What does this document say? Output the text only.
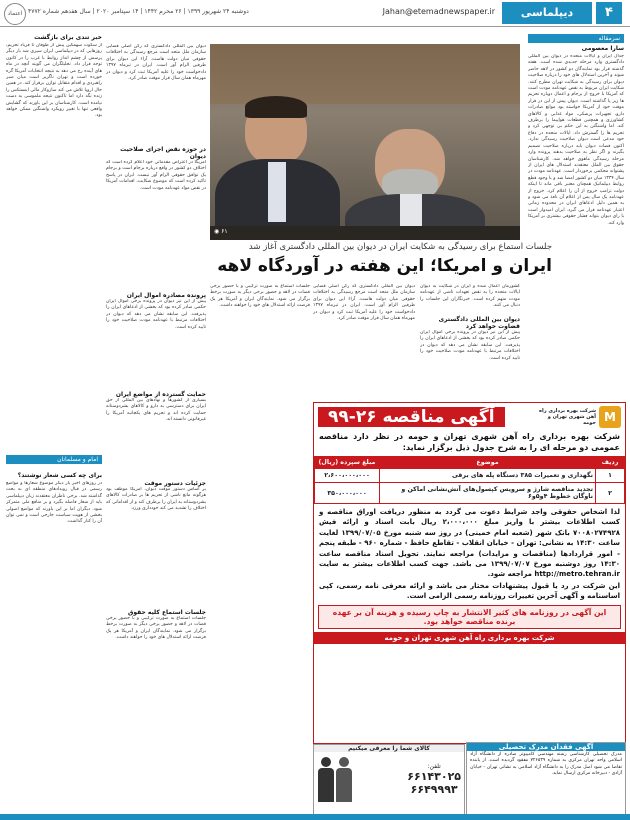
۴
دیپلماسی
Jahan@etemadnewspaper.ir
دوشنبه ۲۴ شهریور ۱۳۹۹ | ۲۶ محرم ۱۴۴۲ | ۱۴ سپتامبر ۲۰۲۰ | سال هفدهم شماره ۴۷۷۲
اعتماد
سرمقاله
سارا معصومی
جدال ایران و ایالات متحده در دیوان بین المللی دادگستری وارد مرحله جدیدی شده است. هفته گذشته قرار بود نمایندگان دو کشور در لاهه حاضر شوند و آخرین استدلال های خود را درباره صلاحیت دیوان برای رسیدگی به شکایت تهران مطرح کنند. شکایت ایران مربوط به نقض عهدنامه مودت است که آمریکا با خروج از برجام و اعمال دوباره تحریم ها زیر پا گذاشته است. دیوان پیش از این در قرار موقت خود از آمریکا خواسته بود موانع صادرات دارو، تجهیزات پزشکی، مواد غذایی و کالاهای کشاورزی و همچنین قطعات هواپیما را برطرف کند. اما واشنگتن به این حکم بی توجهی کرد و تحریم ها را گسترش داد. ایالات متحده در دفاع خود مدعی است دیوان صلاحیت رسیدگی ندارد. اکنون قضات دیوان باید درباره صلاحیت تصمیم بگیرند و اگر نظر به صلاحیت بدهند پرونده وارد مرحله رسیدگی ماهوی خواهد شد. کارشناسان حقوق بین الملل معتقدند استدلال های ایران از پشتوانه محکمی برخوردار است. عهدنامه مودت در سال ۱۳۳۴ میان دو کشور امضا شد و با وجود قطع روابط دیپلماتیک همچنان معتبر باقی ماند تا اینکه دولت ترامپ خروج از آن را اعلام کرد. خروج از عهدنامه یک سال پس از اعلام آن نافذ می شود و به همین دلیل ادعاهای ایران در محدوده زمانی اعتبار عهدنامه قرار می گیرد. ایران امیدوار است با رای دیوان بتواند فشار حقوقی بیشتری بر آمریکا وارد کند.
◉ ۶۱
جلسات استماع برای رسیدگی به شکایت ایران در دیوان بین المللی دادگستری آغاز شد
ایران و امریکا؛ این هفته در آوردگاه لاهه
خبر تندی برای بازگشت
از سکوت سهمگین پیش از طوفان تا فریاد تحریم، روزهایی که در دیپلماسی ایران سپری شد بار دیگر پرسش از چشم انداز روابط با غرب را در کانون توجه قرار داد. تحلیلگران می گویند آنچه در ماه های آینده رخ می دهد به نتیجه انتخابات آمریکا گره خورده است و تهران ناگزیر است میان صبر راهبردی و اقدام متقابل توازن برقرار کند. در همین حال اروپا تلاش می کند سازوکار مالی اینستکس را زنده نگه دارد اما تاکنون نتیجه ملموسی به دست نیامده است. کارشناسان بر این باورند که گشایش واقعی تنها با تغییر رویکرد واشنگتن ممکن خواهد بود.
امام و مسلمانان
برای چه کسی شعار نوشتند؟
در روزهای اخیر بار دیگر موضوع شعارها و مواضع رسمی در قبال رویدادهای منطقه ای به بحث گذاشته شد. برخی ناظران معتقدند زبان دیپلماسی باید از شعار فاصله بگیرد و بر منافع ملی متمرکز شود. دیگران اما بر این باورند که مواضع اصولی بخشی از هویت سیاست خارجی است و نمی توان آن را کنار گذاشت.
دیوان بین المللی دادگستری که رکن اصلی قضایی سازمان ملل متحد است مرجع رسیدگی به اختلافات حقوقی میان دولت هاست. آراء این دیوان برای طرفین الزام آور است. ایران در تیرماه ۱۳۹۷ دادخواست خود را علیه آمریکا ثبت کرد و دیوان در مهرماه همان سال قرار موقت صادر کرد.
در حوزه نقض اجرای صلاحیت دیوان
آمریکا در اعتراض مقدماتی خود اعلام کرده است که اختلاف دو کشور در واقع درباره برجام است و برجام یک توافق حقوقی الزام آور نیست. ایران در پاسخ تاکید کرده است که موضوع شکایت، اقدامات آمریکا در نقض مواد عهدنامه مودت است.
پرونده مصادره اموال ایران
پیش از این نیز دیوان در پرونده برخی اموال ایران حکمی صادر کرده بود که بخشی از ادعاهای ایران را پذیرفت. این سابقه نشان می دهد که دیوان در اختلافات مرتبط با عهدنامه مودت صلاحیت خود را تایید کرده است.
حمایت گسترده از مواضع ایران
بسیاری از کشورها و نهادهای بین المللی از حق ایران برای دسترسی به دارو و کالاهای بشردوستانه حمایت کرده اند و تحریم های یکجانبه آمریکا را غیرقانونی دانسته اند.
جزئیات دستور موقت
بر اساس دستور موقت دیوان، آمریکا موظف بود هرگونه مانع ناشی از تحریم ها بر صادرات کالاهای بشردوستانه به ایران را برطرف کند و از اقداماتی که اختلاف را تشدید می کند خودداری ورزد.
جلسات استماع کلیه حقوق
جلسات استماع به صورت ترکیبی و با حضور برخی قضات در لاهه و حضور برخی دیگر به صورت برخط برگزار می شود. نمایندگان ایران و آمریکا هر یک فرصت ارائه استدلال های خود را خواهند داشت.
جلسات استماع به صورت ترکیبی و با حضور برخی قضات در لاهه و حضور برخی دیگر به صورت برخط برگزار می شود. نمایندگان ایران و آمریکا هر یک فرصت ارائه استدلال های خود را خواهند داشت.
دیوان بین المللی دادگستری که رکن اصلی قضایی سازمان ملل متحد است مرجع رسیدگی به اختلافات حقوقی میان دولت هاست. آراء این دیوان برای طرفین الزام آور است. ایران در تیرماه ۱۳۹۷ دادخواست خود را علیه آمریکا ثبت کرد و دیوان در مهرماه همان سال قرار موقت صادر کرد.
کشورمان اعمال شده و ایران در شکایت به دیوان ایالات متحده را به نقض تعهدات ناشی از عهدنامه مودت متهم کرده است. خبرنگاران این جلسات را دنبال می کنند.
دیوان بین المللی دادگستری قضاوت خواهد کرد
پیش از این نیز دیوان در پرونده برخی اموال ایران حکمی صادر کرده بود که بخشی از ادعاهای ایران را پذیرفت. این سابقه نشان می دهد که دیوان در اختلافات مرتبط با عهدنامه مودت صلاحیت خود را تایید کرده است.
آگهی مناقصه ۲۶-۹۹	M
شرکت بهره برداری راه آهن شهری تهران و حومه
شرکت بهره برداری راه آهن شهری تهران و حومه در نظر دارد مناقصه عمومی دو مرحله ای را به شرح جدول ذیل برگزار نماید:
ردیف	موضوع	مبلغ سپرده (ریال)
۱	نگهداری و تعمیرات ۳۸۵ دستگاه پله های برقی	۲،۶۰۰،۰۰۰،۰۰۰
۲	تجدید مناقصه شارژ و سرویس کپسول‌های آتش‌نشانی اماکن و ناوگان خطوط ۴و۵و۶	۳۵۰،۰۰۰،۰۰۰
لذا اشخاص حقوقی واجد شرایط دعوت می گردد به منظور دریافت اوراق مناقصه و کسب اطلاعات بیشتر با واریز مبلغ ۲،۰۰۰،۰۰۰ ریال بابت اسناد و ارائه فیش ۷۰۰۸۰۲۷۴۹۲۸ بانک شهر (شعبه امام خمینی) در روز سه شنبه مورخ ۱۳۹۹/۰۷/۰۵ لغایت ساعت ۱۴:۳۰ به نشانی: تهران - خیابان انقلاب - تقاطع حافظ - شماره ۹۶۰ - طبقه پنجم - امور قراردادها (مناقصات و مزایدات) مراجعه نمایند. تحویل اسناد مناقصه ساعت ۱۴:۳۰ روز دوشنبه مورخ ۱۳۹۹/۰۷/۰۷ می باشد. جهت کسب اطلاعات بیشتر به سایت http://metro.tehran.ir مراجعه شود.
این شرکت در رد یا قبول پیشنهادات مختار می باشد و ارائه معرفی نامه رسمی، کپی اساسنامه و آگهی آخرین تغییرات روزنامه رسمی الزامی است.
این آگهی در روزنامه های کثیر الانتشار به چاپ رسیده و هزینه آن بر عهده برنده مناقصه خواهد بود.
شرکت بهره برداری راه آهن شهری تهران و حومه
کالای شما را معرفی میکنیم
تلفن:
۶۶۱۴۳۰۲۵
۶۶۴۹۹۹۳
آگهی فقدان مدرک تحصیلی
مدرک تحصیلی کارشناسی رشته مهندسی کامپیوتر صادره از دانشگاه آزاد اسلامی واحد تهران مرکزی به شماره ۷۲۶۵۳۹ مفقود گردیده است. از یابنده تقاضا می شود اصل مدرک را به دانشگاه آزاد اسلامی به نشانی تهران - خیابان آزادی - دبیرخانه مرکزی ارسال نماید.
